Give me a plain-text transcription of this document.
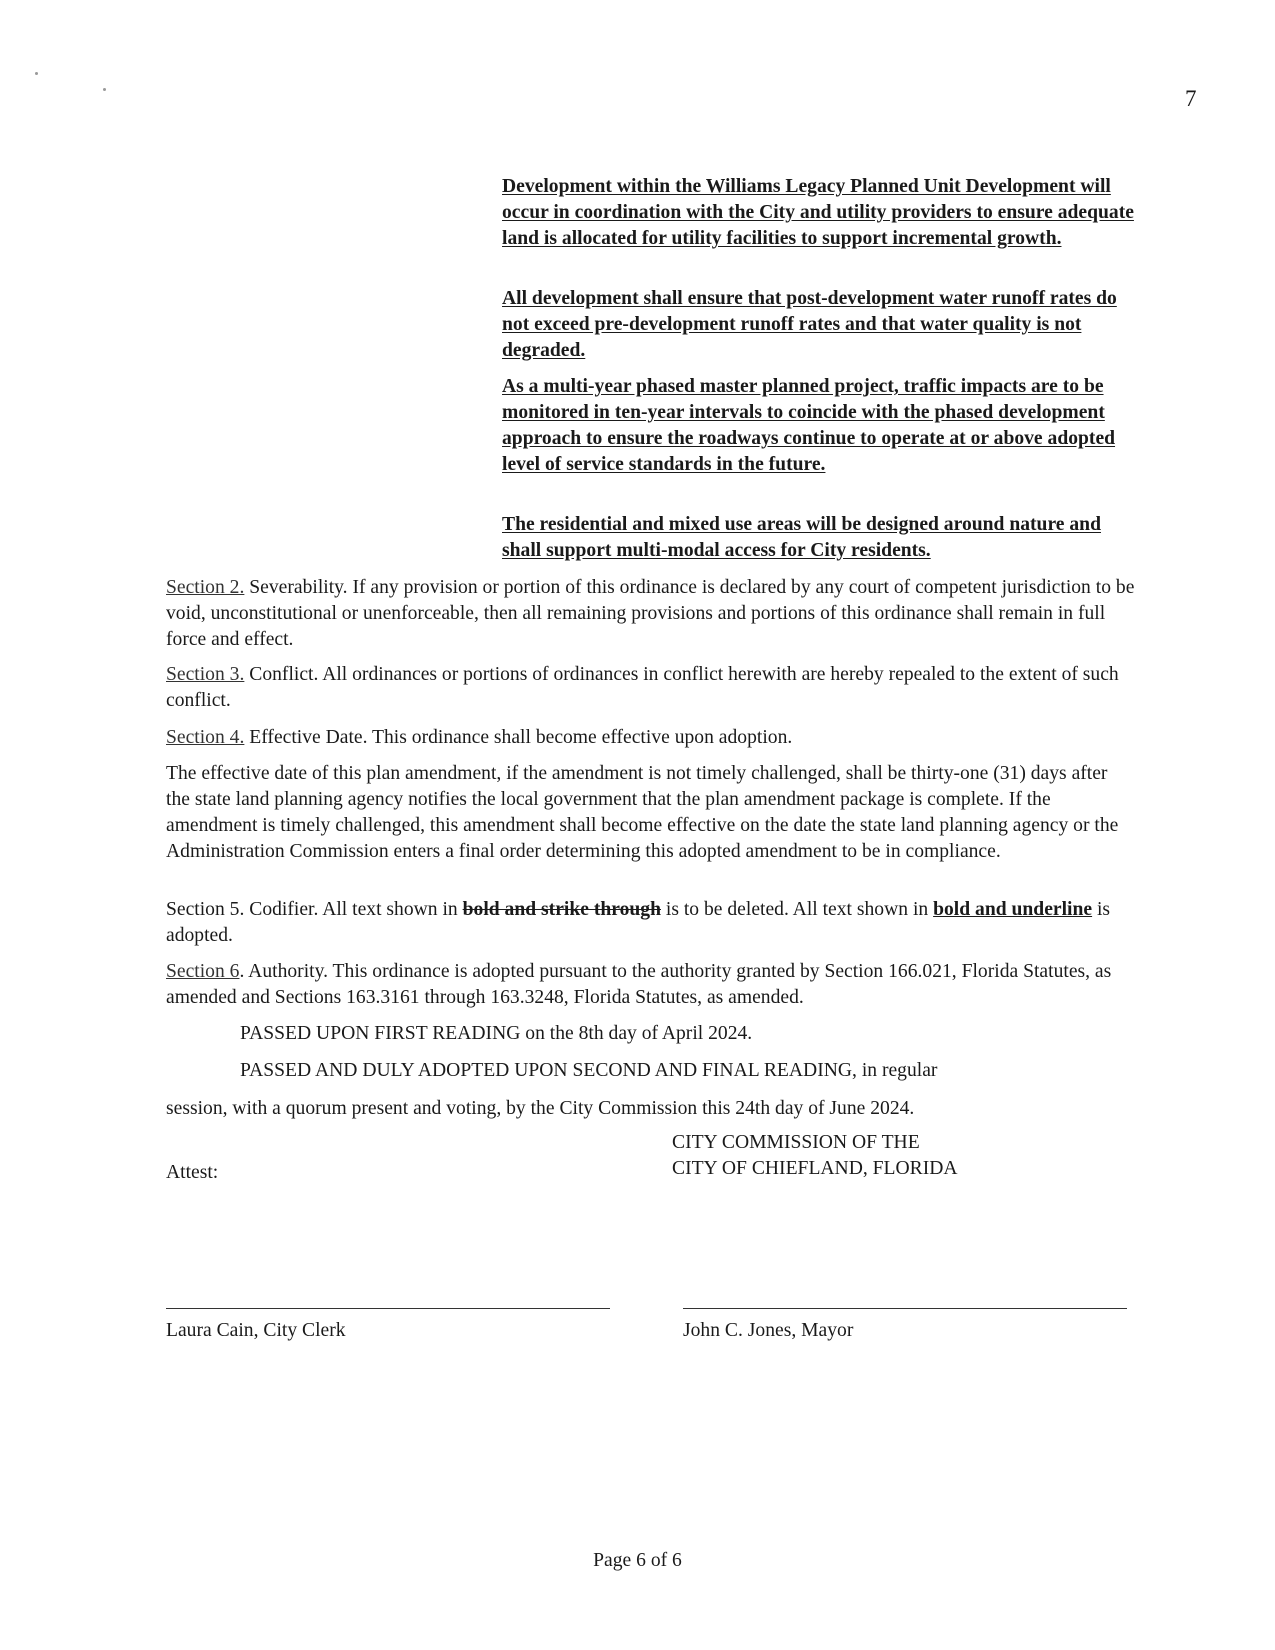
7

Development within the Williams Legacy Planned Unit Development will occur in coordination with the City and utility providers to ensure adequate land is allocated for utility facilities to support incremental growth.

All development shall ensure that post-development water runoff rates do not exceed pre-development runoff rates and that water quality is not degraded.

As a multi-year phased master planned project, traffic impacts are to be monitored in ten-year intervals to coincide with the phased development approach to ensure the roadways continue to operate at or above adopted level of service standards in the future.

The residential and mixed use areas will be designed around nature and shall support multi-modal access for City residents.

Section 2. Severability. If any provision or portion of this ordinance is declared by any court of competent jurisdiction to be void, unconstitutional or unenforceable, then all remaining provisions and portions of this ordinance shall remain in full force and effect.

Section 3. Conflict. All ordinances or portions of ordinances in conflict herewith are hereby repealed to the extent of such conflict.

Section 4. Effective Date. This ordinance shall become effective upon adoption.

The effective date of this plan amendment, if the amendment is not timely challenged, shall be thirty-one (31) days after the state land planning agency notifies the local government that the plan amendment package is complete. If the amendment is timely challenged, this amendment shall become effective on the date the state land planning agency or the Administration Commission enters a final order determining this adopted amendment to be in compliance.

Section 5. Codifier. All text shown in bold and strike through is to be deleted. All text shown in bold and underline is adopted.

Section 6. Authority. This ordinance is adopted pursuant to the authority granted by Section 166.021, Florida Statutes, as amended and Sections 163.3161 through 163.3248, Florida Statutes, as amended.

PASSED UPON FIRST READING on the 8th day of April 2024.

PASSED AND DULY ADOPTED UPON SECOND AND FINAL READING, in regular

session, with a quorum present and voting, by the City Commission this 24th day of June 2024.

CITY COMMISSION OF THE
CITY OF CHIEFLAND, FLORIDA
Attest:
Laura Cain, City Clerk	John C. Jones, Mayor
Page 6 of 6
